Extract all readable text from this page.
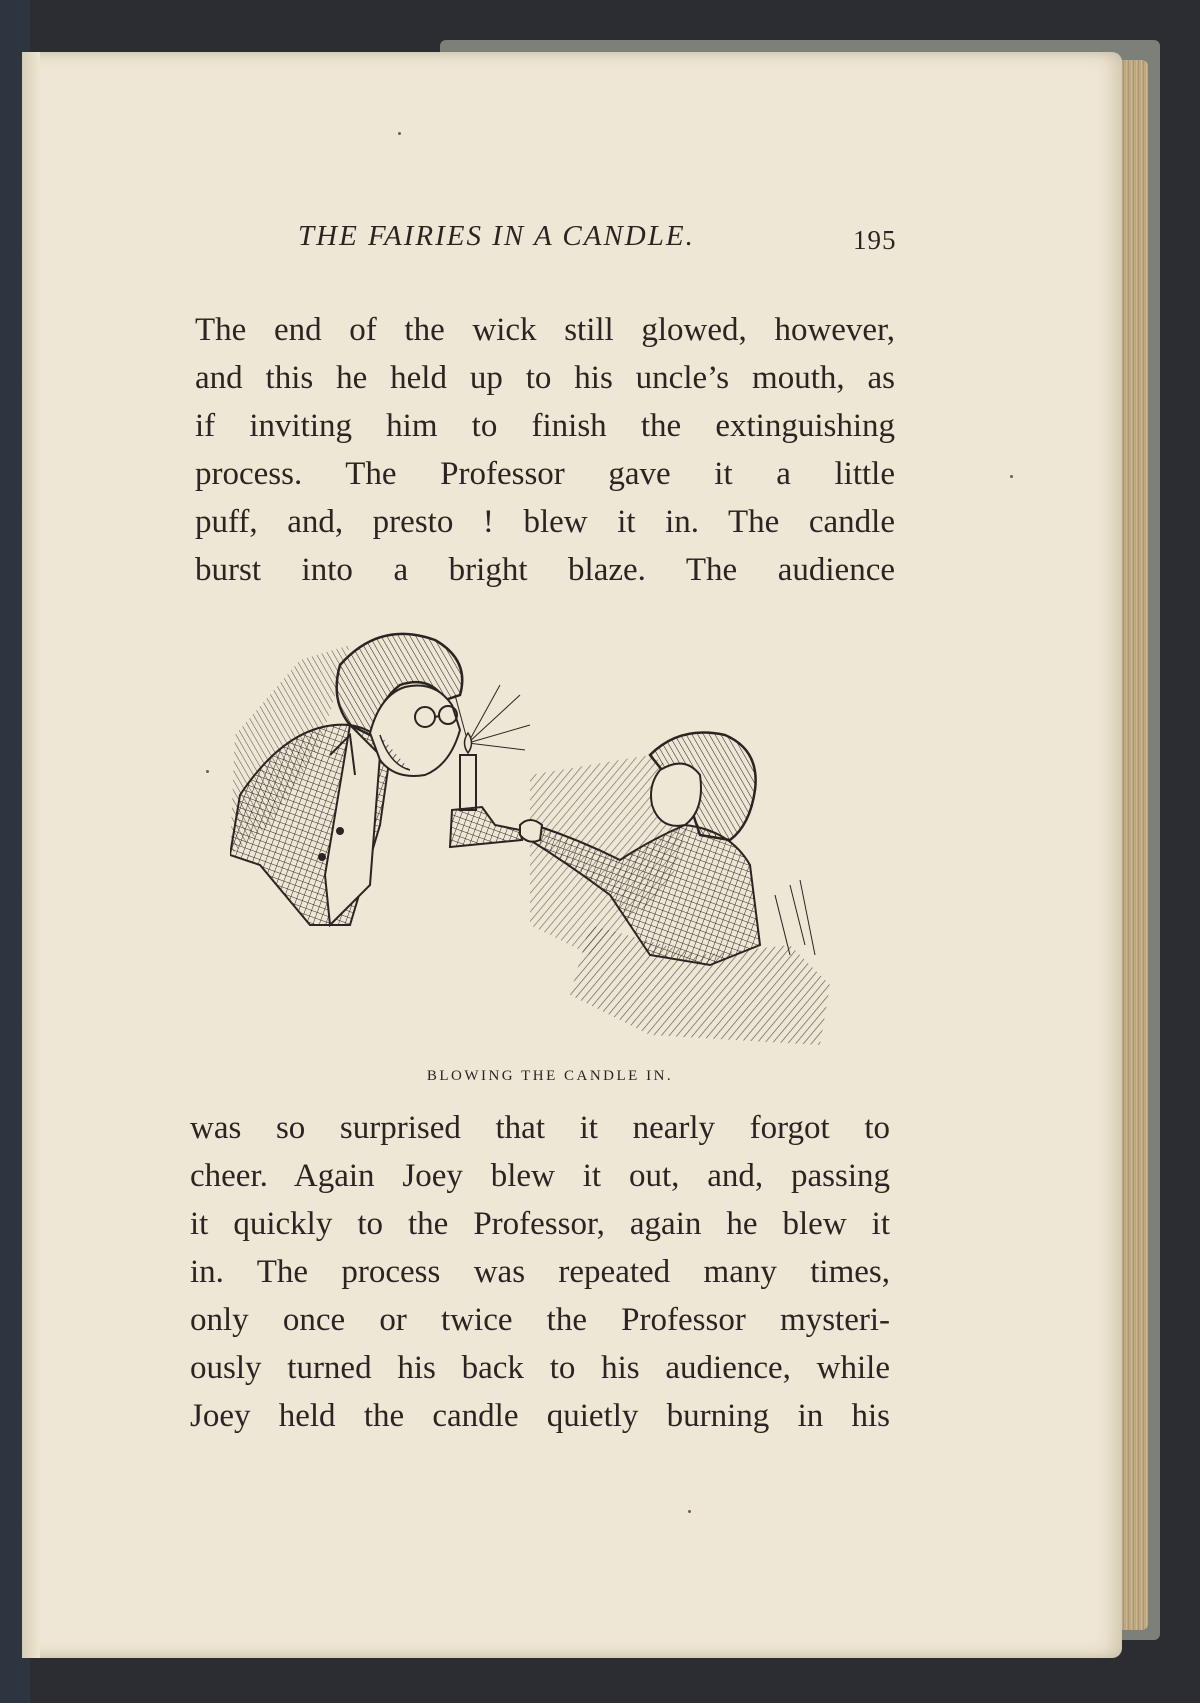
THE FAIRIES IN A CANDLE.	195

The end of the wick still glowed, however,
and this he held up to his uncle’s mouth, as
if inviting him to finish the extinguishing
process. The Professor gave it a little
puff, and, presto ! blew it in. The candle
burst into a bright blaze. The audience

BLOWING THE CANDLE IN.

was so surprised that it nearly forgot to
cheer. Again Joey blew it out, and, passing
it quickly to the Professor, again he blew it
in. The process was repeated many times,
only once or twice the Professor mysteri-
ously turned his back to his audience, while
Joey held the candle quietly burning in his
